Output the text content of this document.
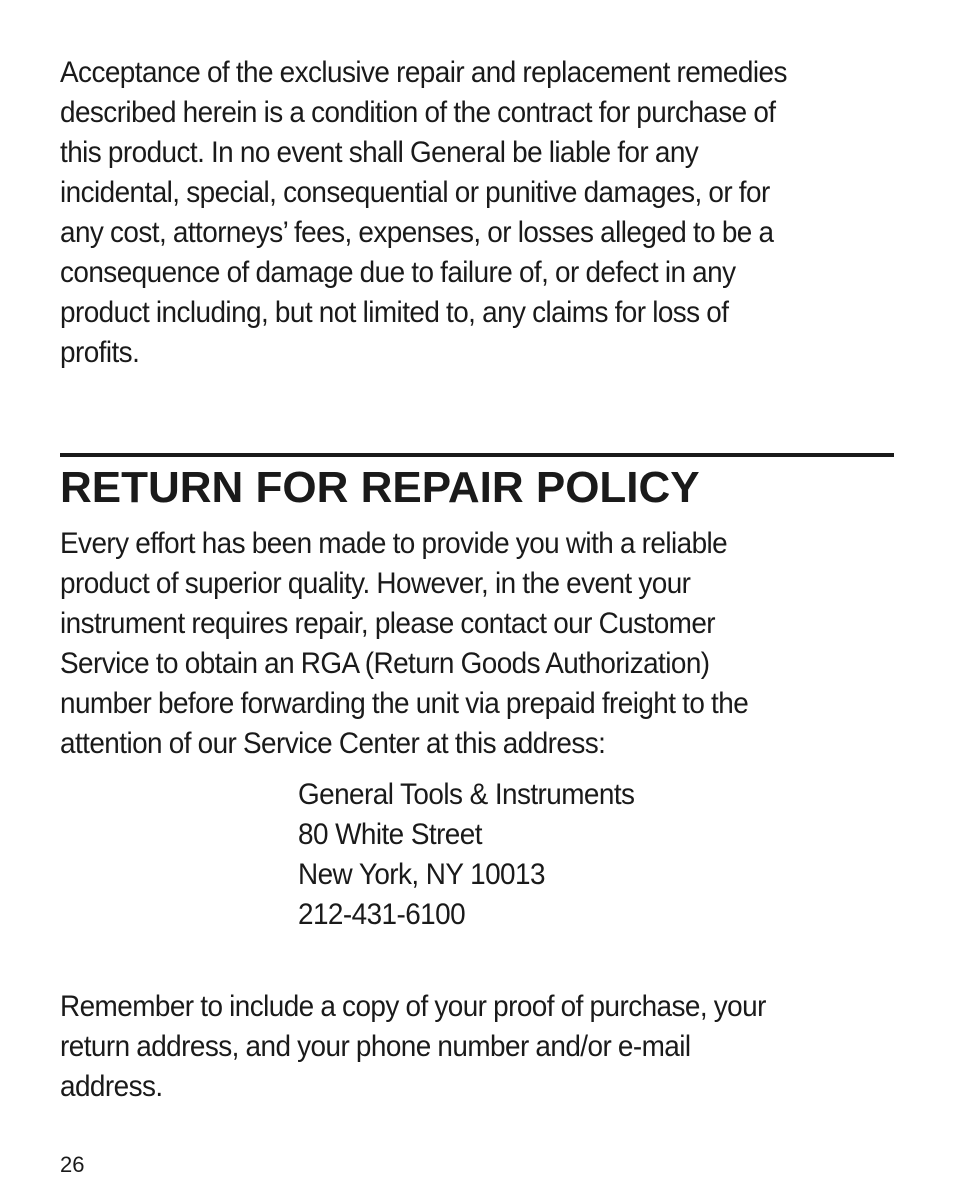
Acceptance of the exclusive repair and replacement remedies
described herein is a condition of the contract for purchase of
this product. In no event shall General be liable for any
incidental, special, consequential or punitive damages, or for
any cost, attorneys’ fees, expenses, or losses alleged to be a
consequence of damage due to failure of, or defect in any
product including, but not limited to, any claims for loss of
profits.

RETURN FOR REPAIR POLICY

Every effort has been made to provide you with a reliable
product of superior quality. However, in the event your
instrument requires repair, please contact our Customer
Service to obtain an RGA (Return Goods Authorization)
number before forwarding the unit via prepaid freight to the
attention of our Service Center at this address:

General Tools & Instruments
80 White Street
New York, NY 10013
212-431-6100

Remember to include a copy of your proof of purchase, your
return address, and your phone number and/or e-mail
address.

26
